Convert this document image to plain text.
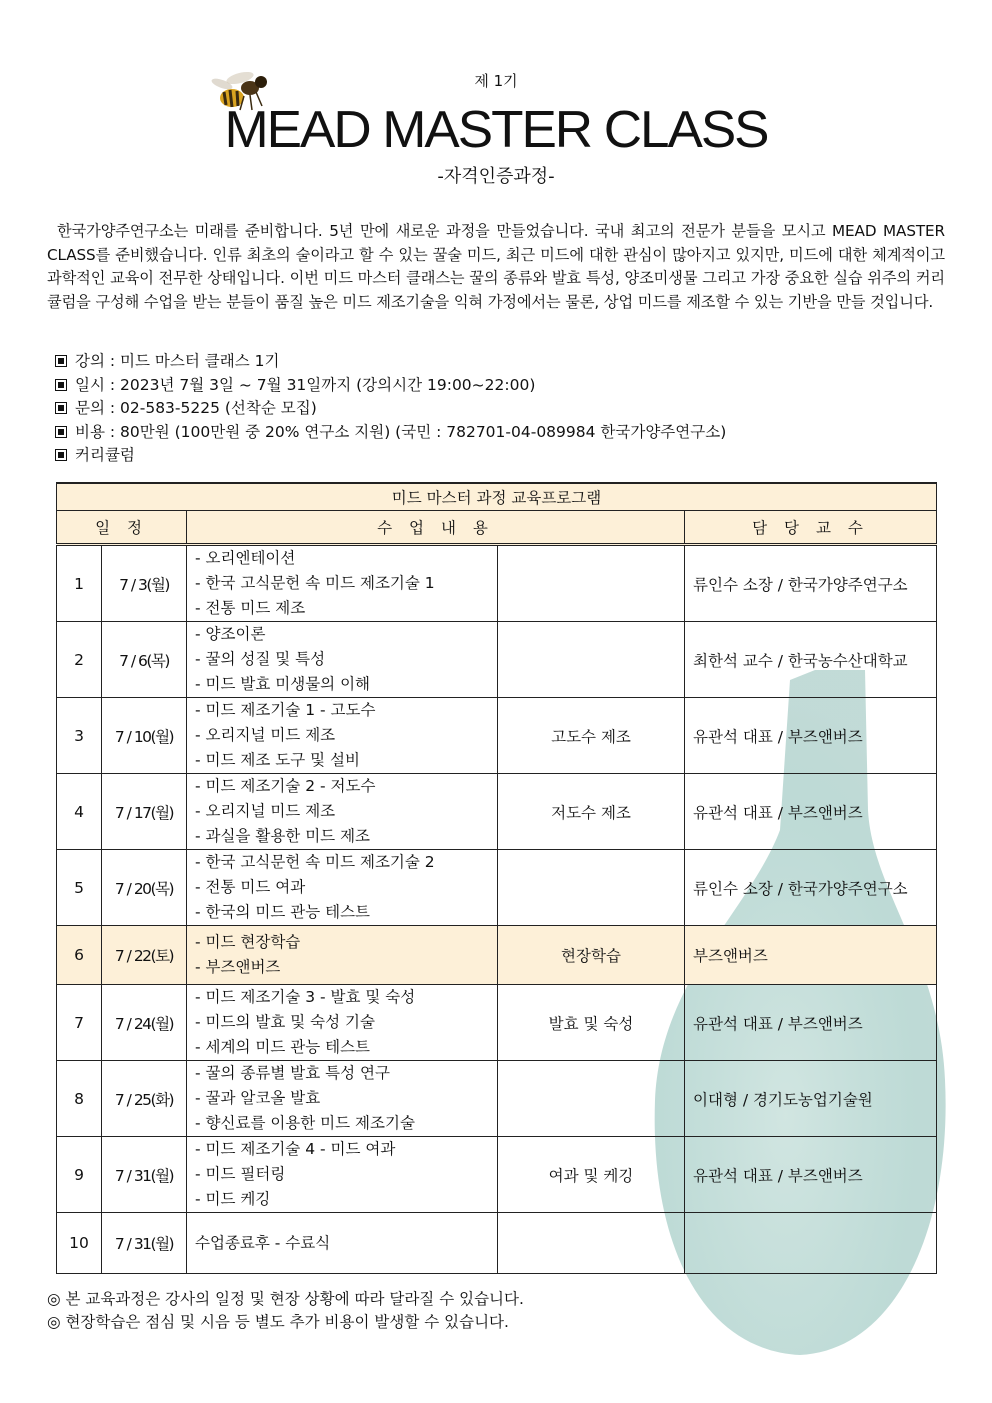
제 1기
MEAD MASTER CLASS
-자격인증과정-
한국가양주연구소는 미래를 준비합니다. 5년 만에 새로운 과정을 만들었습니다. 국내 최고의 전문가 분들을 모시고 MEAD MASTER CLASS를 준비했습니다. 인류 최초의 술이라고 할 수 있는 꿀술 미드, 최근 미드에 대한 관심이 많아지고 있지만, 미드에 대한 체계적이고 과학적인 교육이 전무한 상태입니다. 이번 미드 마스터 클래스는 꿀의 종류와 발효 특성, 양조미생물 그리고 가장 중요한 실습 위주의 커리큘럼을 구성해 수업을 받는 분들이 품질 높은 미드 제조기술을 익혀 가정에서는 물론, 상업 미드를 제조할 수 있는 기반을 만들 것입니다.
강의 : 미드 마스터 클래스 1기
일시 : 2023년 7월 3일 ~ 7월 31일까지 (강의시간 19:00~22:00)
문의 : 02-583-5225 (선착순 모집)
비용 : 80만원 (100만원 중 20% 연구소 지원) (국민 : 782701-04-089984 한국가양주연구소)
커리큘럼
미드 마스터 과정 교육프로그램				
일 정		수 업 내 용		담 당 교 수
1	7 / 3(월)	- 오리엔테이션
- 한국 고식문헌 속 미드 제조기술 1
- 전통 미드 제조		류인수 소장 / 한국가양주연구소
2	7 / 6(목)	- 양조이론
- 꿀의 성질 및 특성
- 미드 발효 미생물의 이해		최한석 교수 / 한국농수산대학교
3	7 / 10(월)	- 미드 제조기술 1 - 고도수
- 오리지널 미드 제조
- 미드 제조 도구 및 설비	고도수 제조	유관석 대표 / 부즈앤버즈
4	7 / 17(월)	- 미드 제조기술 2 - 저도수
- 오리지널 미드 제조
- 과실을 활용한 미드 제조	저도수 제조	유관석 대표 / 부즈앤버즈
5	7 / 20(목)	- 한국 고식문헌 속 미드 제조기술 2
- 전통 미드 여과
- 한국의 미드 관능 테스트		류인수 소장 / 한국가양주연구소
6	7 / 22(토)	- 미드 현장학습
- 부즈앤버즈	현장학습	부즈앤버즈
7	7 / 24(월)	- 미드 제조기술 3 - 발효 및 숙성
- 미드의 발효 및 숙성 기술
- 세계의 미드 관능 테스트	발효 및 숙성	유관석 대표 / 부즈앤버즈
8	7 / 25(화)	- 꿀의 종류별 발효 특성 연구
- 꿀과 알코올 발효
- 향신료를 이용한 미드 제조기술		이대형 / 경기도농업기술원
9	7 / 31(월)	- 미드 제조기술 4 - 미드 여과
- 미드 필터링
- 미드 케깅	여과 및 케깅	유관석 대표 / 부즈앤버즈
10	7 / 31(월)	수업종료후 - 수료식		

◎ 본 교육과정은 강사의 일정 및 현장 상황에 따라 달라질 수 있습니다.
◎ 현장학습은 점심 및 시음 등 별도 추가 비용이 발생할 수 있습니다.
